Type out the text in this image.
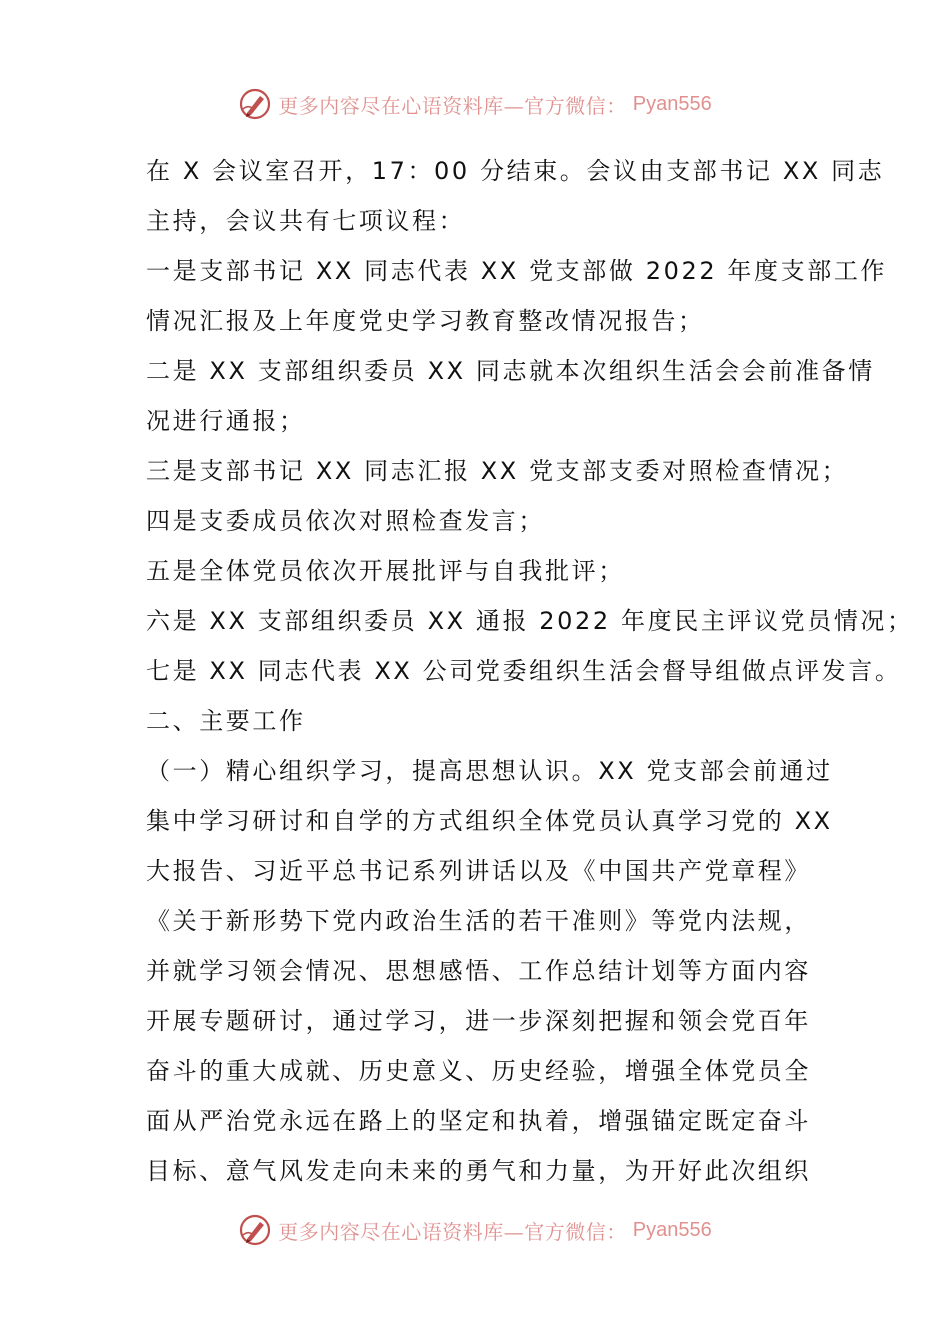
更多内容尽在心语资料库—官方微信： Pyan556
在 X 会议室召开，17：00 分结束。会议由支部书记 XX 同志
主持，会议共有七项议程：
一是支部书记 XX 同志代表 XX 党支部做 2022 年度支部工作
情况汇报及上年度党史学习教育整改情况报告；
二是 XX 支部组织委员 XX 同志就本次组织生活会会前准备情
况进行通报；
三是支部书记 XX 同志汇报 XX 党支部支委对照检查情况；
四是支委成员依次对照检查发言；
五是全体党员依次开展批评与自我批评；
六是 XX 支部组织委员 XX 通报 2022 年度民主评议党员情况；
七是 XX 同志代表 XX 公司党委组织生活会督导组做点评发言。
二、主要工作
（一）精心组织学习，提高思想认识。XX 党支部会前通过
集中学习研讨和自学的方式组织全体党员认真学习党的 XX
大报告、习近平总书记系列讲话以及《中国共产党章程》
《关于新形势下党内政治生活的若干准则》等党内法规，
并就学习领会情况、思想感悟、工作总结计划等方面内容
开展专题研讨，通过学习，进一步深刻把握和领会党百年
奋斗的重大成就、历史意义、历史经验，增强全体党员全
面从严治党永远在路上的坚定和执着，增强锚定既定奋斗
目标、意气风发走向未来的勇气和力量，为开好此次组织
更多内容尽在心语资料库—官方微信： Pyan556
